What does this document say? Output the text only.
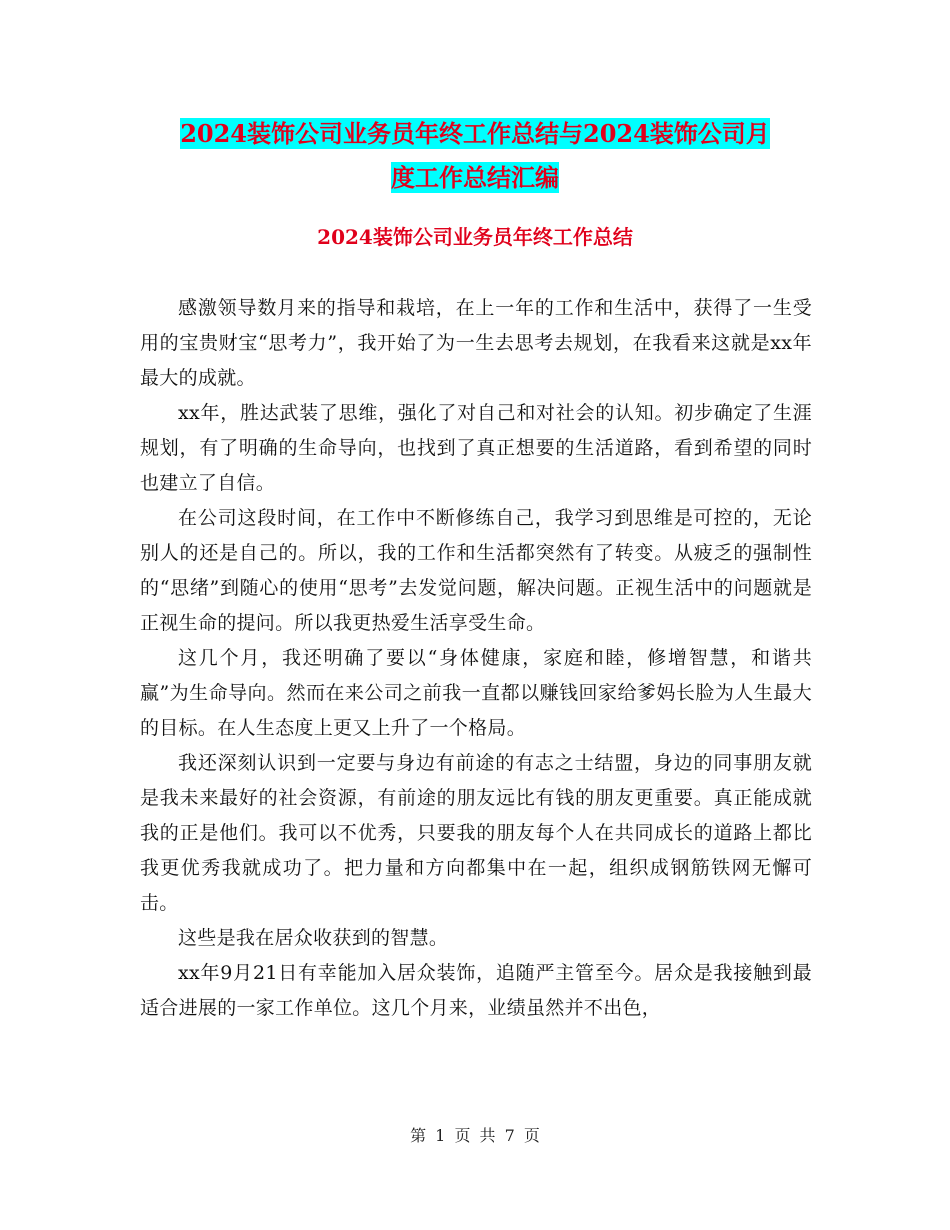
2024装饰公司业务员年终工作总结与2024装饰公司月
度工作总结汇编
2024装饰公司业务员年终工作总结

感激领导数月来的指导和栽培，在上一年的工作和生活中，获得了一生受用的宝贵财宝“思考力”，我开始了为一生去思考去规划，在我看来这就是xx年最大的成就。

xx年，胜达武装了思维，强化了对自己和对社会的认知。初步确定了生涯规划，有了明确的生命导向，也找到了真正想要的生活道路，看到希望的同时也建立了自信。

在公司这段时间，在工作中不断修练自己，我学习到思维是可控的，无论别人的还是自己的。所以，我的工作和生活都突然有了转变。从疲乏的强制性的“思绪”到随心的使用“思考”去发觉问题，解决问题。正视生活中的问题就是正视生命的提问。所以我更热爱生活享受生命。

这几个月，我还明确了要以“身体健康，家庭和睦，修增智慧，和谐共赢”为生命导向。然而在来公司之前我一直都以赚钱回家给爹妈长脸为人生最大的目标。在人生态度上更又上升了一个格局。

我还深刻认识到一定要与身边有前途的有志之士结盟，身边的同事朋友就是我未来最好的社会资源，有前途的朋友远比有钱的朋友更重要。真正能成就我的正是他们。我可以不优秀，只要我的朋友每个人在共同成长的道路上都比我更优秀我就成功了。把力量和方向都集中在一起，组织成钢筋铁网无懈可击。

这些是我在居众收获到的智慧。

xx年9月21日有幸能加入居众装饰，追随严主管至今。居众是我接触到最适合进展的一家工作单位。这几个月来，业绩虽然并不出色，

第 1 页 共 7 页
